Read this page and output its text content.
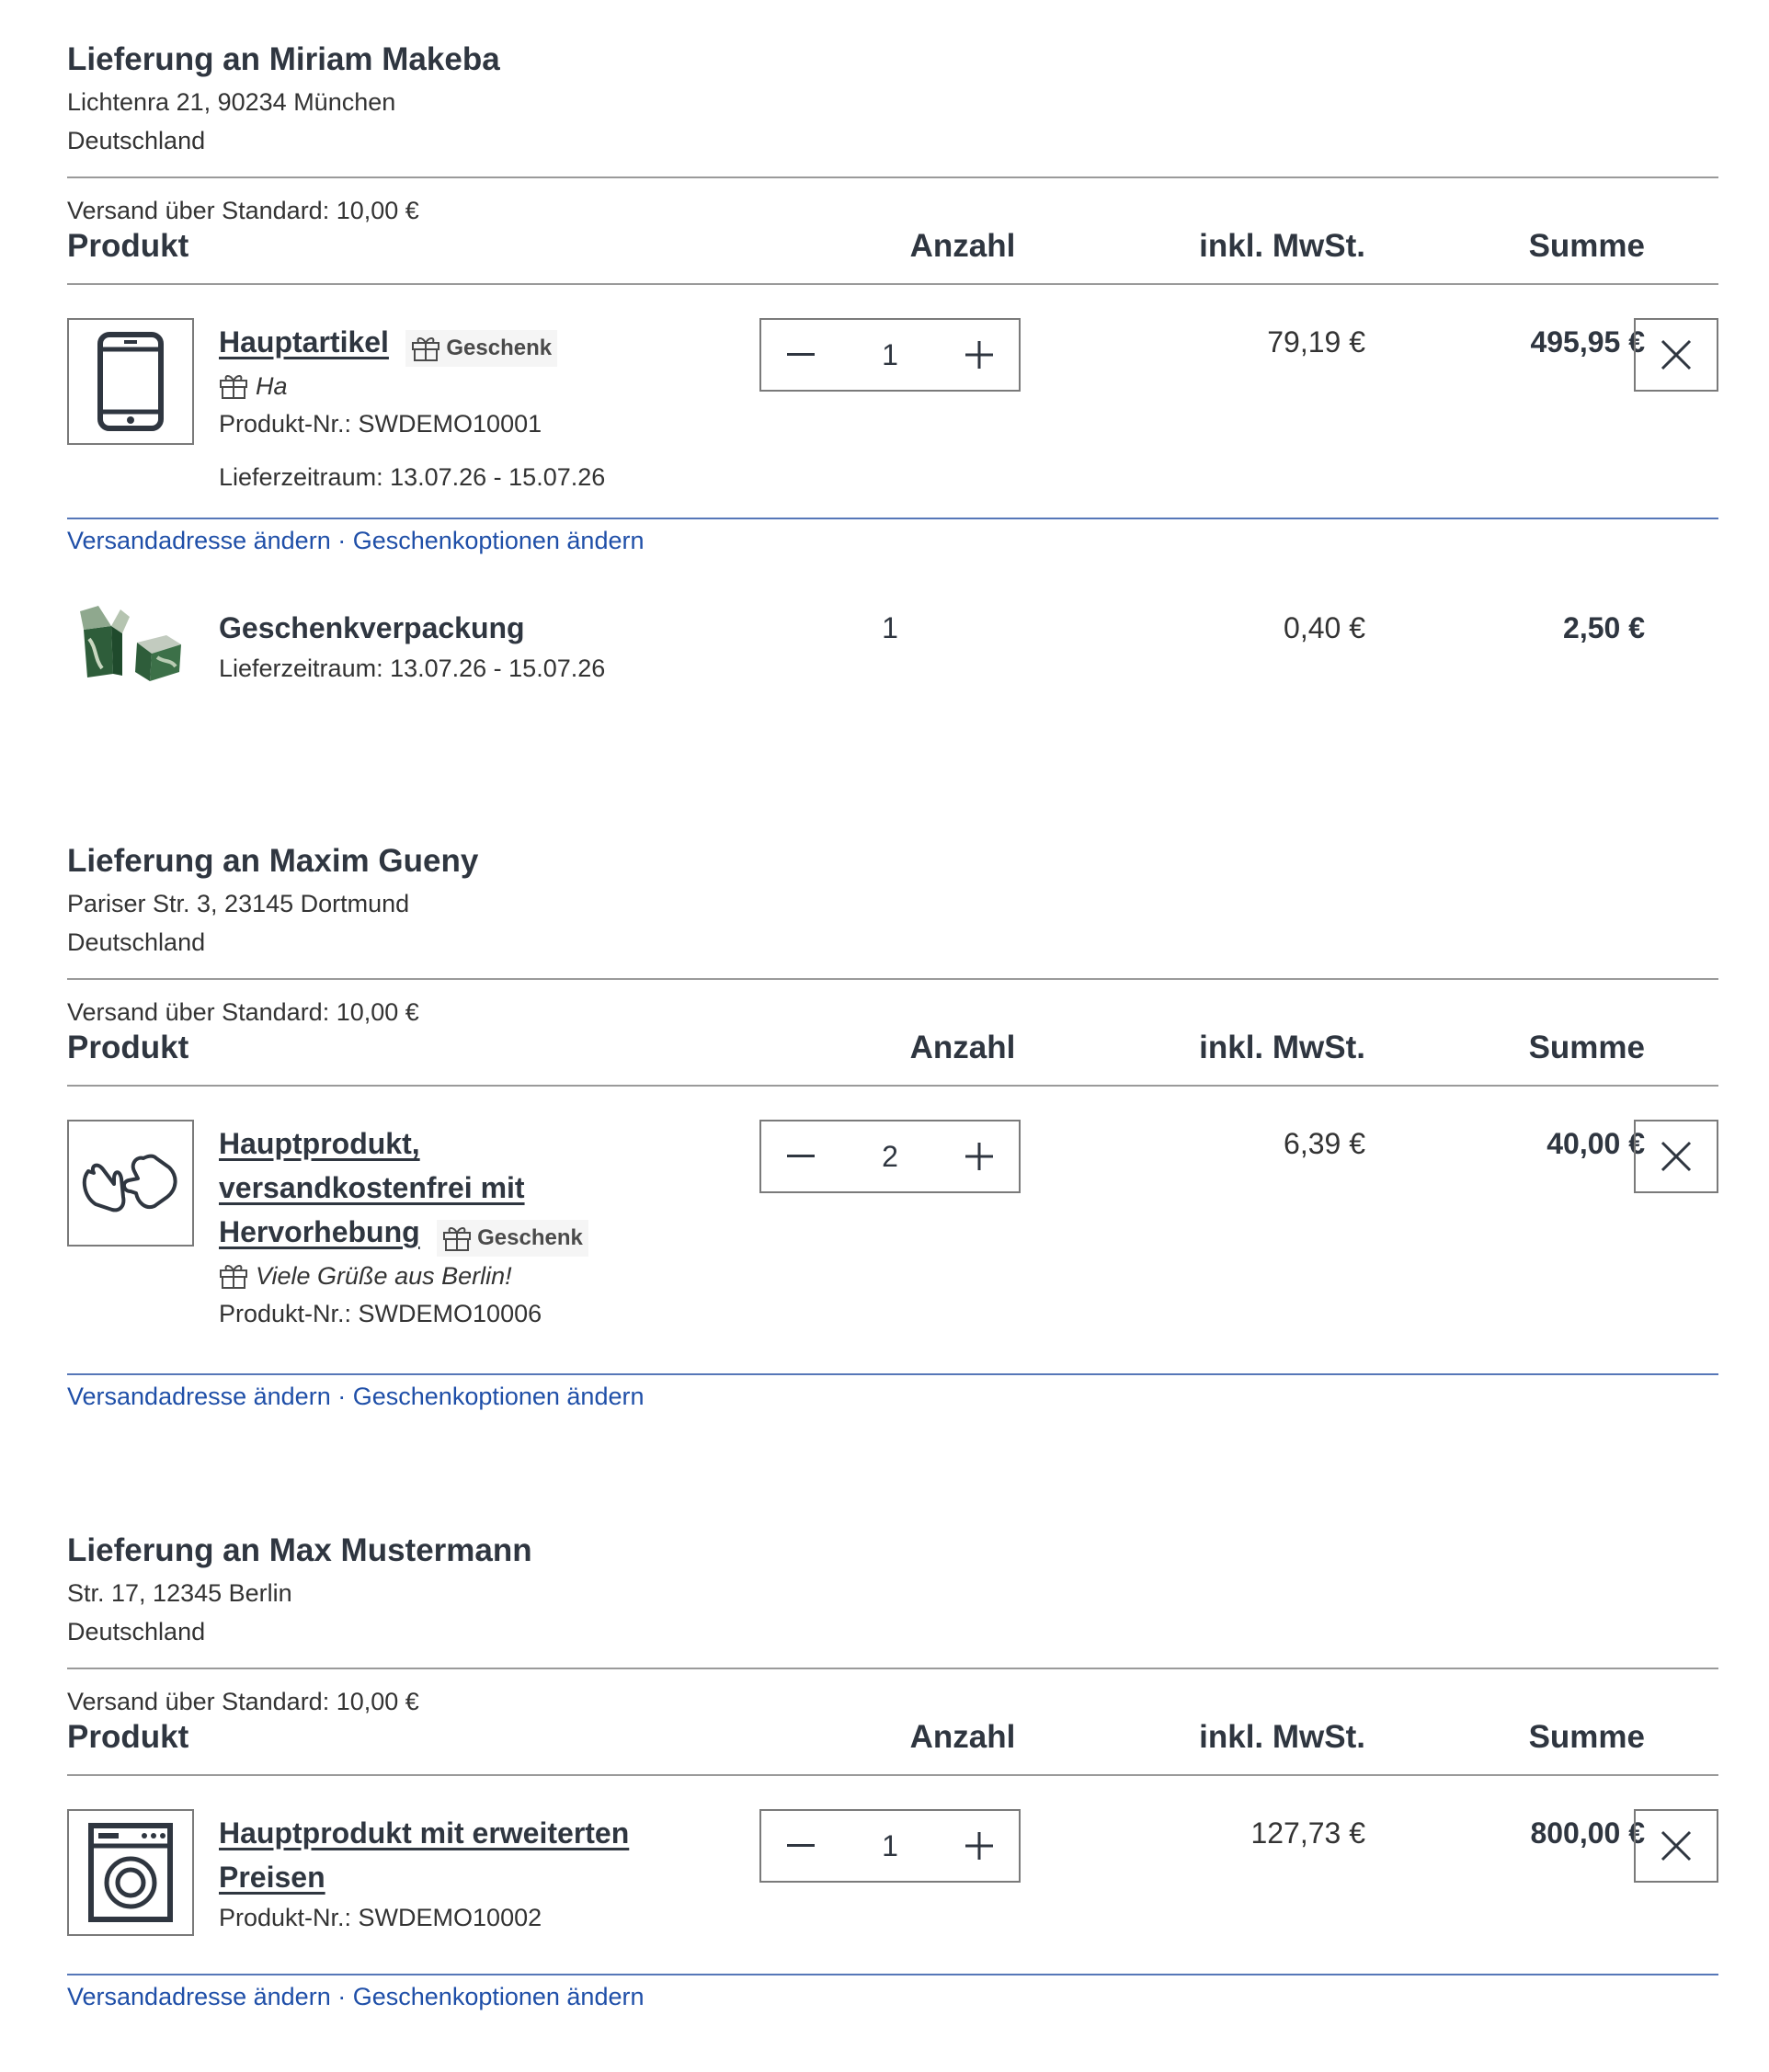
Lieferung an Miriam Makeba
Lichtenra 21, 90234 München
Deutschland
Versand über Standard: 10,00 €
Produkt	Anzahl	inkl. MwSt.	Summe
Hauptartikel	Geschenk
Ha
Produkt-Nr.: SWDEMO10001
Lieferzeitraum: 13.07.26 - 15.07.26
1	79,19 €	495,95 €
Versandadresse ändern · Geschenkoptionen ändern
Geschenkverpackung
Lieferzeitraum: 13.07.26 - 15.07.26
1	0,40 €	2,50 €
Lieferung an Maxim Gueny
Pariser Str. 3, 23145 Dortmund
Deutschland
Versand über Standard: 10,00 €
Produkt	Anzahl	inkl. MwSt.	Summe
Hauptprodukt,
versandkostenfrei mit
Hervorhebung	Geschenk
Viele Grüße aus Berlin!
Produkt-Nr.: SWDEMO10006
2	6,39 €	40,00 €
Versandadresse ändern · Geschenkoptionen ändern
Lieferung an Max Mustermann
Str. 17, 12345 Berlin
Deutschland
Versand über Standard: 10,00 €
Produkt	Anzahl	inkl. MwSt.	Summe
Hauptprodukt mit erweiterten
Preisen
Produkt-Nr.: SWDEMO10002
1	127,73 €	800,00 €
Versandadresse ändern · Geschenkoptionen ändern
